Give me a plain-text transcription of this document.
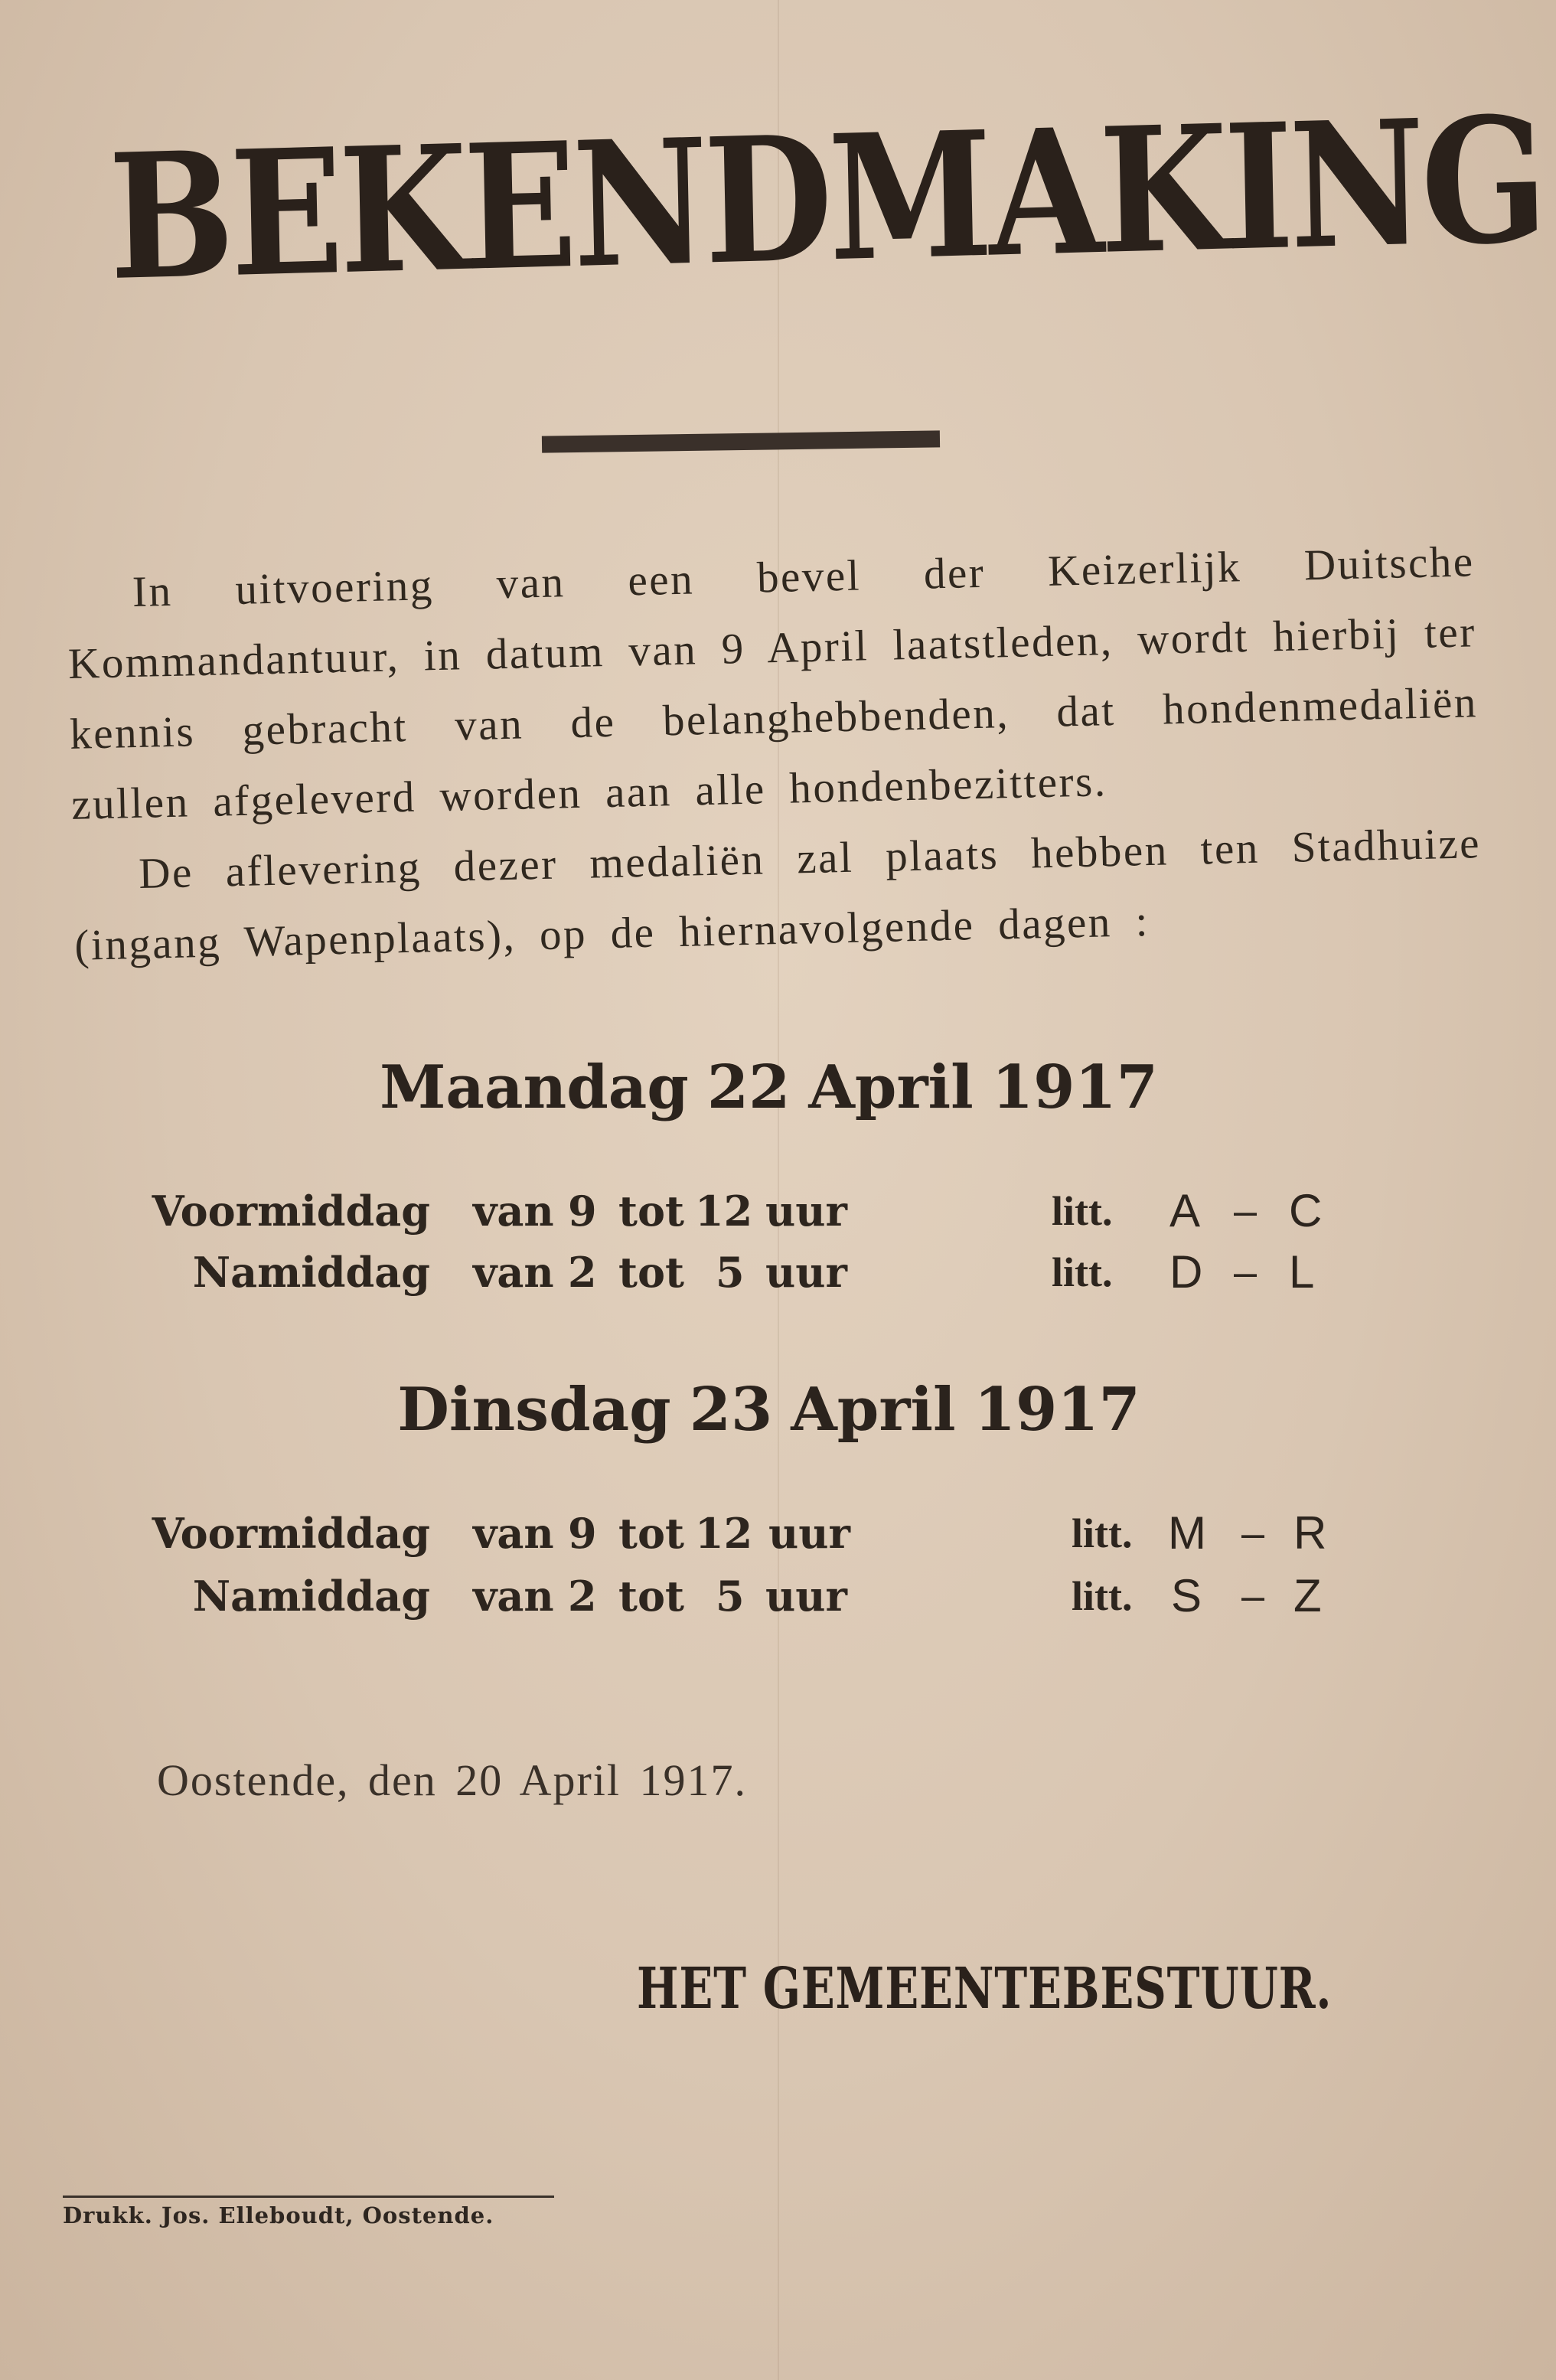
BEKENDMAKING

In uitvoering van een bevel der Keizerlijk Duitsche Kommandantuur, in datum van 9 April laatstleden, wordt hierbij ter kennis gebracht van de belanghebbenden, dat hondenmedaliën zullen afgeleverd worden aan alle hondenbezitters.

De aflevering dezer medaliën zal plaats hebben ten Stadhuize (ingang Wapenplaats), op de hiernavolgende dagen :

Maandag 22 April 1917
Voormiddag van 9 tot 12 uur	litt. A – C
Namiddag van 2 tot 5 uur	litt. D – L
Dinsdag 23 April 1917
Voormiddag van 9 tot 12 uur	litt. M – R
Namiddag van 2 tot 5 uur	litt. S – Z
Oostende, den 20 April 1917.
HET GEMEENTEBESTUUR.
Drukk. Jos. Elleboudt, Oostende.
